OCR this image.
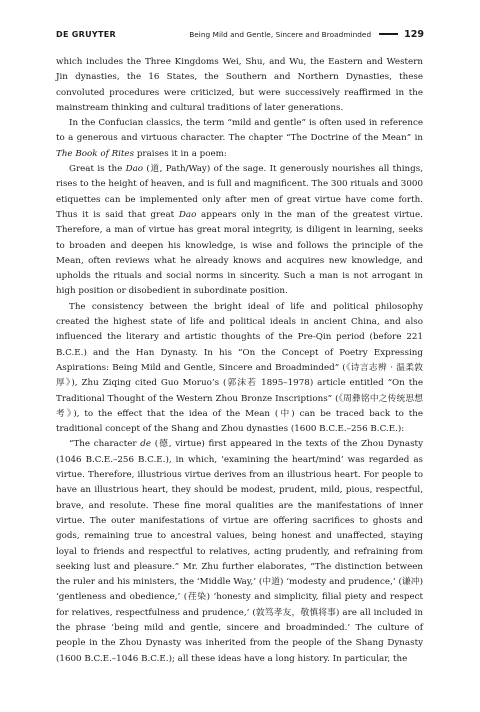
DE GRUYTER	Being Mild and Gentle, Sincere and Broadminded	129

which includes the Three Kingdoms Wei, Shu, and Wu, the Eastern and Western Jin dynasties, the 16 States, the Southern and Northern Dynasties, these convoluted procedures were criticized, but were successively reaffirmed in the mainstream thinking and cultural traditions of later generations.

In the Confucian classics, the term “mild and gentle” is often used in reference to a generous and virtuous character. The chapter “The Doctrine of the Mean” in The Book of Rites praises it in a poem:

Great is the Dao (道, Path/Way) of the sage. It generously nourishes all things, rises to the height of heaven, and is full and magnificent. The 300 rituals and 3000 etiquettes can be implemented only after men of great virtue have come forth. Thus it is said that great Dao appears only in the man of the greatest virtue. Therefore, a man of virtue has great moral integrity, is diligent in learning, seeks to broaden and deepen his knowledge, is wise and follows the principle of the Mean, often reviews what he already knows and acquires new knowledge, and upholds the rituals and social norms in sincerity. Such a man is not arrogant in high position or disobedient in subordinate position.

The consistency between the bright ideal of life and political philosophy created the highest state of life and political ideals in ancient China, and also influenced the literary and artistic thoughts of the Pre-Qin period (before 221 B.C.E.) and the Han Dynasty. In his “On the Concept of Poetry Expressing Aspirations: Being Mild and Gentle, Sincere and Broadminded” (《诗言志辨 · 温柔敦厚》), Zhu Ziqing cited Guo Moruo’s (郭沫若 1895–1978) article entitled “On the Traditional Thought of the Western Zhou Bronze Inscriptions” (《周彝铭中之传统思想考》), to the effect that the idea of the Mean (中) can be traced back to the traditional concept of the Shang and Zhou dynasties (1600 B.C.E.–256 B.C.E.):

“The character de (德, virtue) first appeared in the texts of the Zhou Dynasty (1046 B.C.E.–256 B.C.E.), in which, ‘examining the heart/mind’ was regarded as virtue. Therefore, illustrious virtue derives from an illustrious heart. For people to have an illustrious heart, they should be modest, prudent, mild, pious, respectful, brave, and resolute. These fine moral qualities are the manifestations of inner virtue. The outer manifestations of virtue are offering sacrifices to ghosts and gods, remaining true to ancestral values, being honest and unaffected, staying loyal to friends and respectful to relatives, acting prudently, and refraining from seeking lust and pleasure.” Mr. Zhu further elaborates, “The distinction between the ruler and his ministers, the ‘Middle Way,’ (中道) ‘modesty and prudence,’ (谦冲) ‘gentleness and obedience,’ (荏染) ‘honesty and simplicity, filial piety and respect for relatives, respectfulness and prudence,’ (敦笃孝友，敬慎将事) are all included in the phrase ‘being mild and gentle, sincere and broadminded.’ The culture of people in the Zhou Dynasty was inherited from the people of the Shang Dynasty (1600 B.C.E.–1046 B.C.E.); all these ideas have a long history. In particular, the
